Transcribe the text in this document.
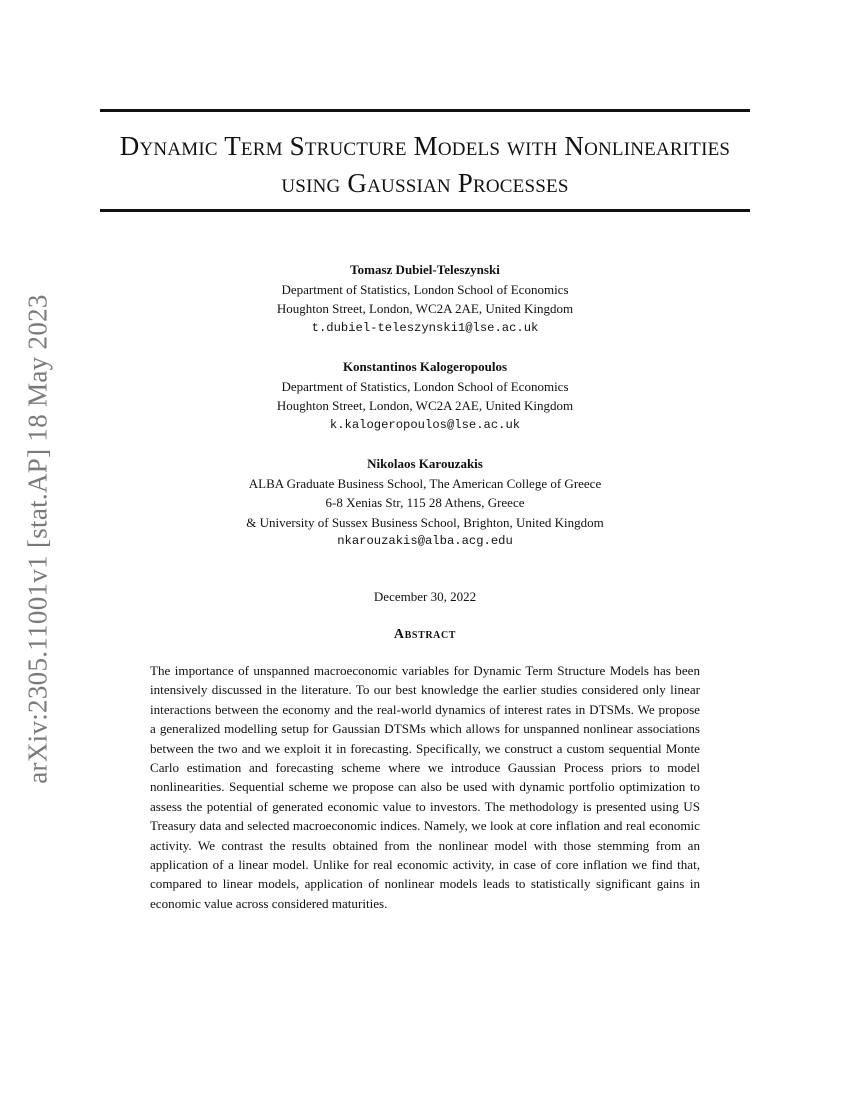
arXiv:2305.11001v1 [stat.AP] 18 May 2023
Dynamic Term Structure Models with Nonlinearities
using Gaussian Processes
Tomasz Dubiel-Teleszynski
Department of Statistics, London School of Economics
Houghton Street, London, WC2A 2AE, United Kingdom
t.dubiel-teleszynski1@lse.ac.uk
Konstantinos Kalogeropoulos
Department of Statistics, London School of Economics
Houghton Street, London, WC2A 2AE, United Kingdom
k.kalogeropoulos@lse.ac.uk
Nikolaos Karouzakis
ALBA Graduate Business School, The American College of Greece
6-8 Xenias Str, 115 28 Athens, Greece
& University of Sussex Business School, Brighton, United Kingdom
nkarouzakis@alba.acg.edu
December 30, 2022
Abstract

The importance of unspanned macroeconomic variables for Dynamic Term Structure Models has been intensively discussed in the literature. To our best knowledge the earlier studies considered only linear interactions between the economy and the real-world dynamics of interest rates in DTSMs. We propose a generalized modelling setup for Gaussian DTSMs which allows for unspanned nonlinear associations between the two and we exploit it in forecasting. Specifically, we construct a custom sequential Monte Carlo estimation and forecasting scheme where we introduce Gaussian Process priors to model nonlinearities. Sequential scheme we propose can also be used with dynamic portfolio optimization to assess the potential of generated economic value to investors. The methodology is presented using US Treasury data and selected macroeconomic indices. Namely, we look at core inflation and real economic activity. We contrast the results obtained from the nonlinear model with those stemming from an application of a linear model. Unlike for real economic activity, in case of core inflation we find that, compared to linear models, application of nonlinear models leads to statistically significant gains in economic value across considered maturities.
